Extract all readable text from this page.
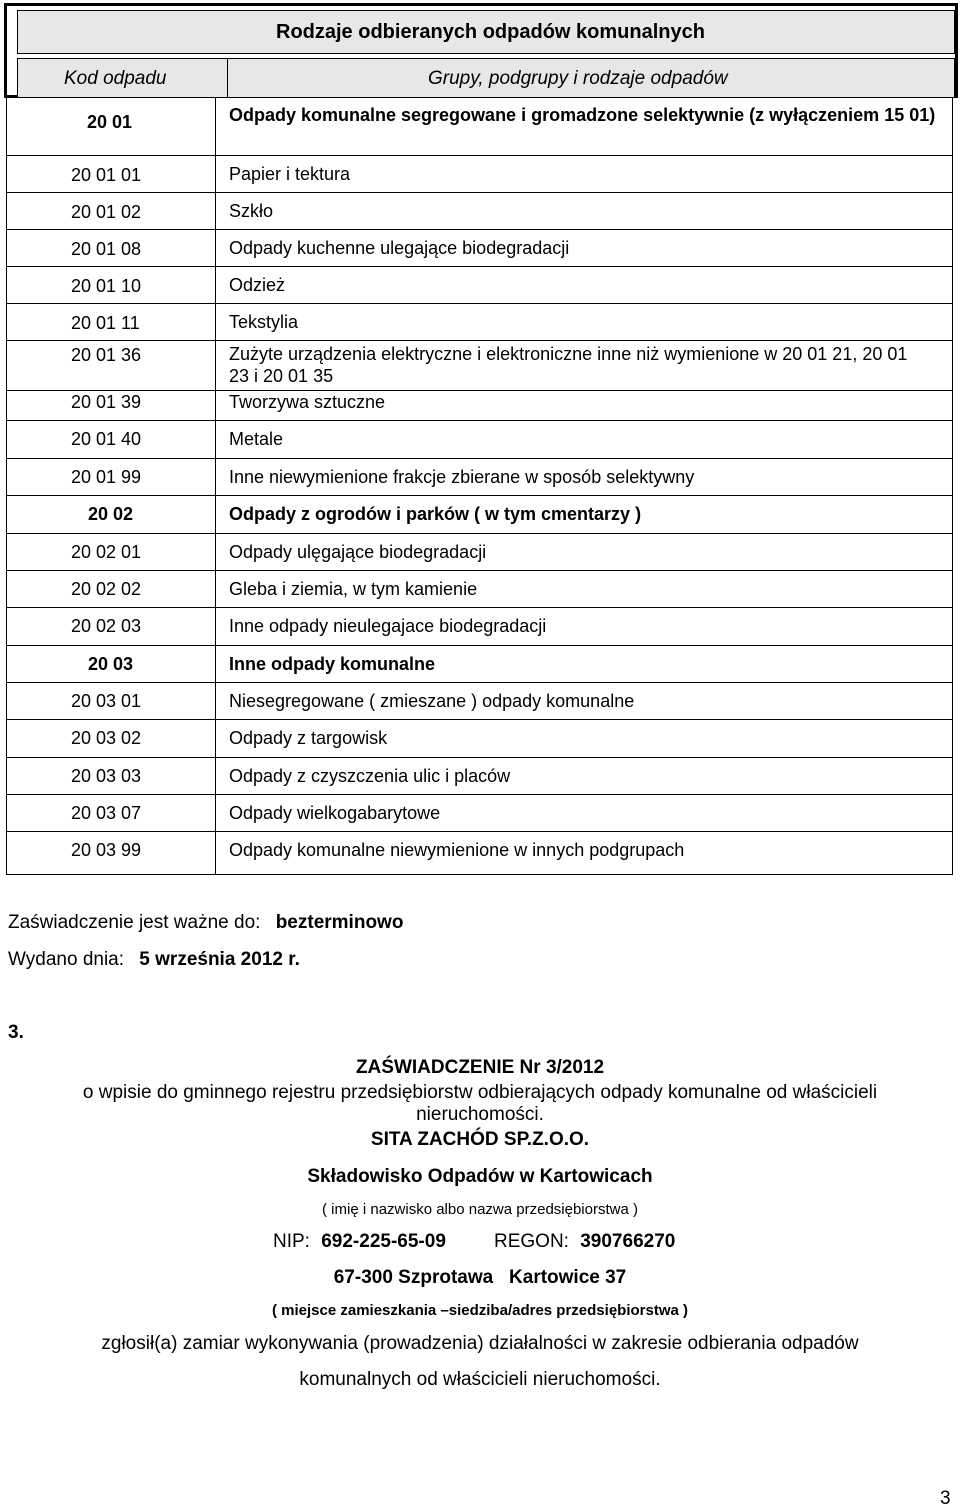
Rodzaje odbieranych odpadów komunalnych
Kod odpadu	Grupy, podgrupy i rodzaje odpadów
20 01	Odpady komunalne segregowane i gromadzone selektywnie (z wyłączeniem 15 01)
20 01 01	Papier i tektura
20 01 02	Szkło
20 01 08	Odpady kuchenne ulegające biodegradacji
20 01 10	Odzież
20 01 11	Tekstylia
20 01 36	Zużyte urządzenia elektryczne i elektroniczne inne niż wymienione w 20 01 21, 20 01 23 i 20 01 35
20 01 39	Tworzywa sztuczne
20 01 40	Metale
20 01 99	Inne niewymienione frakcje zbierane w sposób selektywny
20 02	Odpady z ogrodów i parków ( w tym cmentarzy )
20 02 01	Odpady ulęgające biodegradacji
20 02 02	Gleba i ziemia, w tym kamienie
20 02 03	Inne odpady nieulegajace biodegradacji
20 03	Inne odpady komunalne
20 03 01	Niesegregowane ( zmieszane ) odpady komunalne
20 03 02	Odpady z targowisk
20 03 03	Odpady z czyszczenia ulic i placów
20 03 07	Odpady wielkogabarytowe
20 03 99	Odpady komunalne niewymienione w innych podgrupach
Zaświadczenie jest ważne do: bezterminowo
Wydano dnia: 5 września 2012 r.
3.
ZAŚWIADCZENIE Nr 3/2012
o wpisie do gminnego rejestru przedsiębiorstw odbierających odpady komunalne od właścicieli
nieruchomości.
SITA ZACHÓD SP.Z.O.O.
Składowisko Odpadów w Kartowicach
( imię i nazwisko albo nazwa przedsiębiorstwa )
NIP: 692-225-65-09	REGON: 390766270
67-300 Szprotawa   Kartowice 37
( miejsce zamieszkania –siedziba/adres przedsiębiorstwa )
zgłosił(a) zamiar wykonywania (prowadzenia) działalności w zakresie odbierania odpadów
komunalnych od właścicieli nieruchomości.
3
